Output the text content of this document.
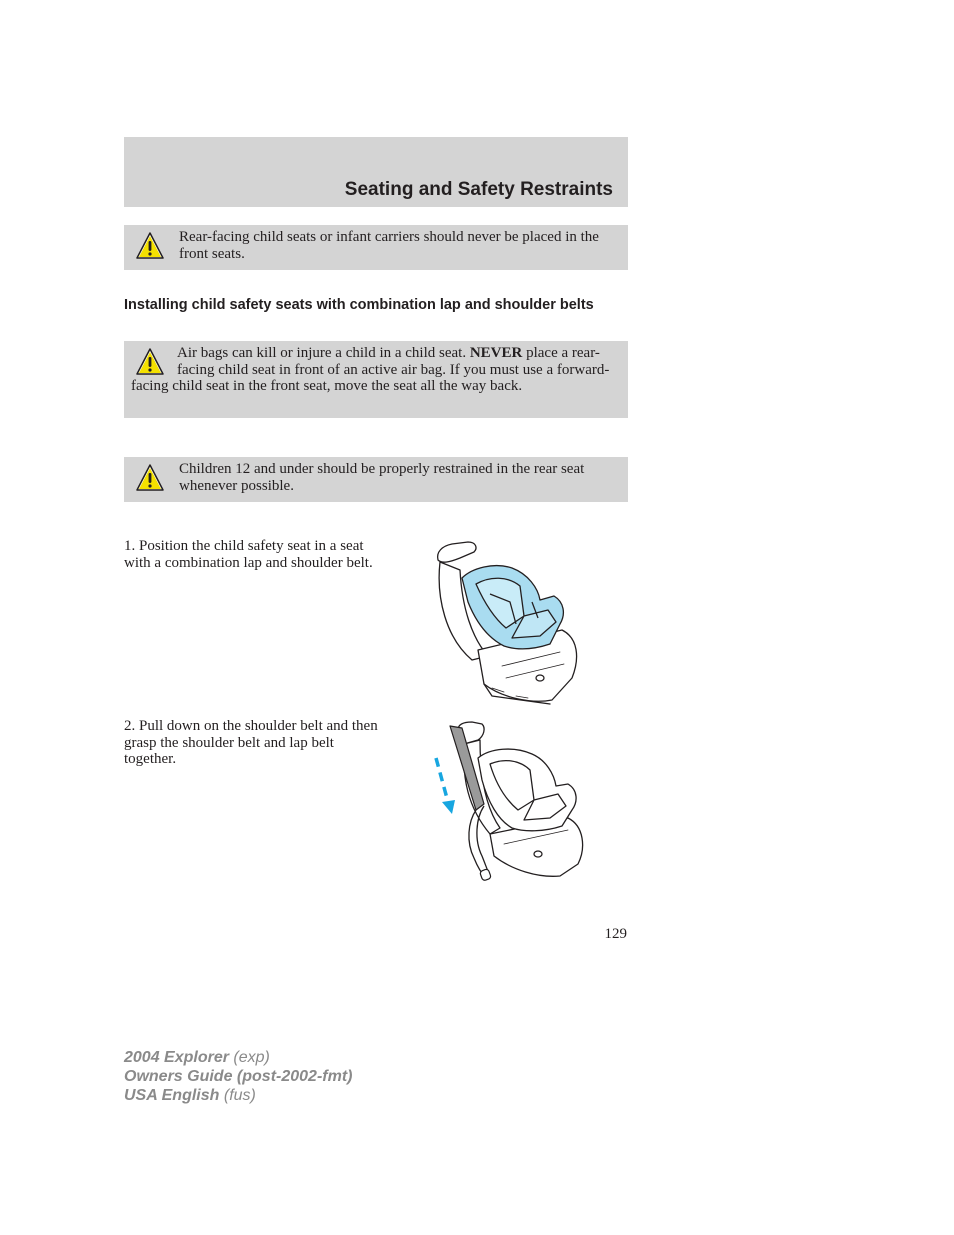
Seating and Safety Restraints
Rear-facing child seats or infant carriers should never be placed in the front seats.
Installing child safety seats with combination lap and shoulder belts
Air bags can kill or injure a child in a child seat. NEVER place a rear-facing child seat in front of an active air bag. If you must use a forward-facing child seat in the front seat, move the seat all the way back.
Children 12 and under should be properly restrained in the rear seat whenever possible.
1. Position the child safety seat in a seat with a combination lap and shoulder belt.
2. Pull down on the shoulder belt and then grasp the shoulder belt and lap belt together.
129
2004 Explorer (exp)
Owners Guide (post-2002-fmt)
USA English (fus)
